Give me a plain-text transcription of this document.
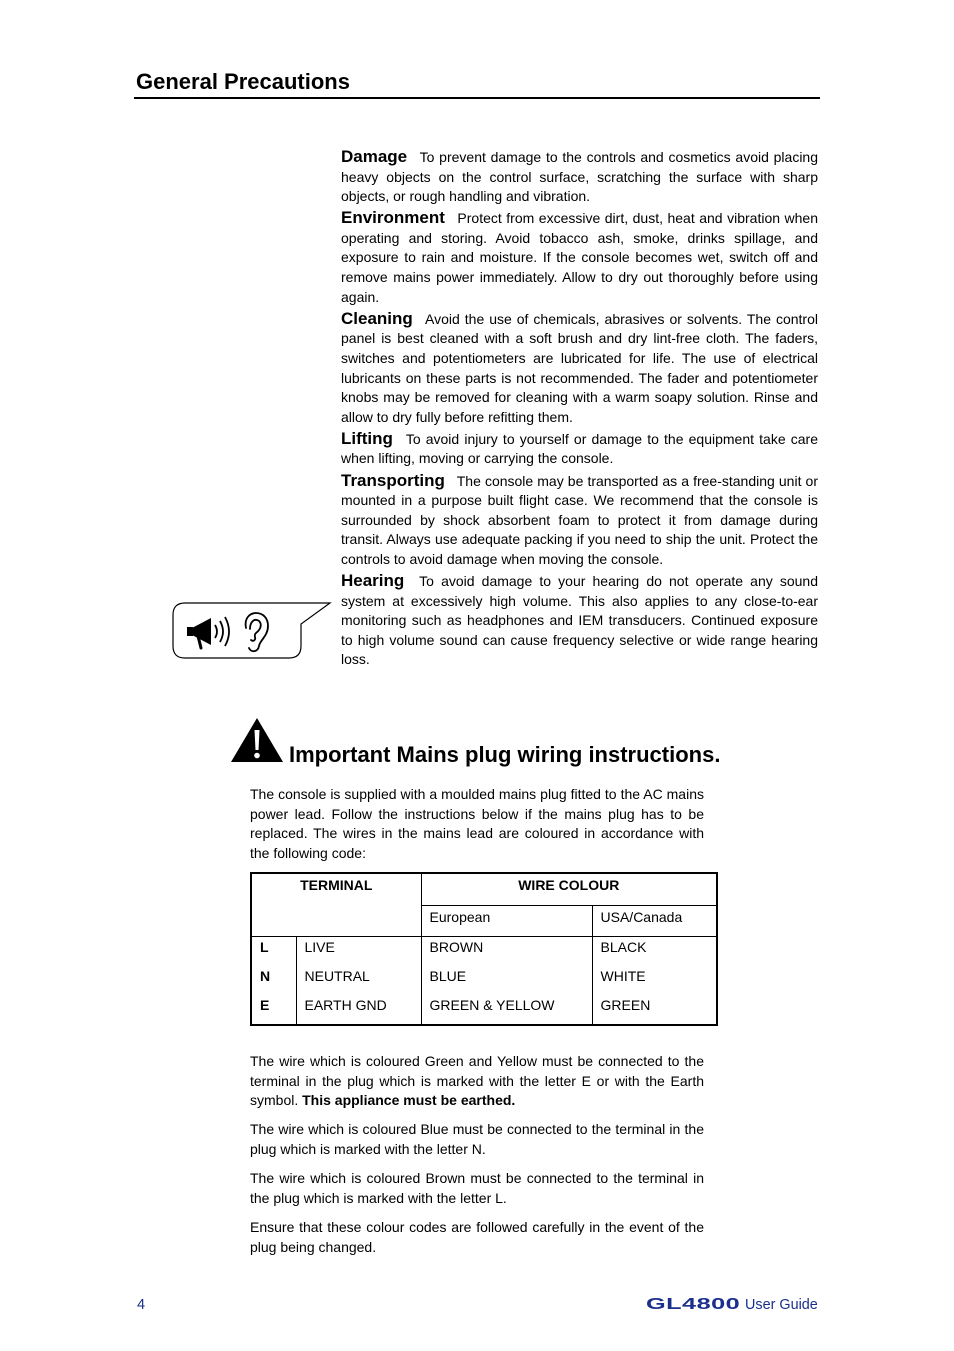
General Precautions

Damage To prevent damage to the controls and cosmetics avoid placing heavy objects on the control surface, scratching the surface with sharp objects, or rough handling and vibration.

Environment Protect from excessive dirt, dust, heat and vibration when operating and storing. Avoid tobacco ash, smoke, drinks spillage, and exposure to rain and moisture. If the console becomes wet, switch off and remove mains power immediately. Allow to dry out thoroughly before using again.

Cleaning Avoid the use of chemicals, abrasives or solvents. The control panel is best cleaned with a soft brush and dry lint-free cloth. The faders, switches and potentiometers are lubricated for life. The use of electrical lubricants on these parts is not recommended. The fader and potentiometer knobs may be removed for cleaning with a warm soapy solution. Rinse and allow to dry fully before refitting them.

Lifting To avoid injury to yourself or damage to the equipment take care when lifting, moving or carrying the console.

Transporting The console may be transported as a free-standing unit or mounted in a purpose built flight case. We recommend that the console is surrounded by shock absorbent foam to protect it from damage during transit. Always use adequate packing if you need to ship the unit. Protect the controls to avoid damage when moving the console.

Hearing To avoid damage to your hearing do not operate any sound system at excessively high volume. This also applies to any close-to-ear monitoring such as headphones and IEM transducers. Continued exposure to high volume sound can cause frequency selective or wide range hearing loss.

Important Mains plug wiring instructions.

The console is supplied with a moulded mains plug fitted to the AC mains power lead. Follow the instructions below if the mains plug has to be replaced. The wires in the mains lead are coloured in accordance with the following code:

TERMINAL		WIRE COLOUR	
		European	USA/Canada
L	LIVE	BROWN	BLACK
N	NEUTRAL	BLUE	WHITE
E	EARTH GND	GREEN & YELLOW	GREEN

The wire which is coloured Green and Yellow must be connected to the terminal in the plug which is marked with the letter E or with the Earth symbol. This appliance must be earthed.

The wire which is coloured Blue must be connected to the terminal in the plug which is marked with the letter N.

The wire which is coloured Brown must be connected to the terminal in the plug which is marked with the letter L.

Ensure that these colour codes are followed carefully in the event of the plug being changed.

4	GL4800 User Guide
